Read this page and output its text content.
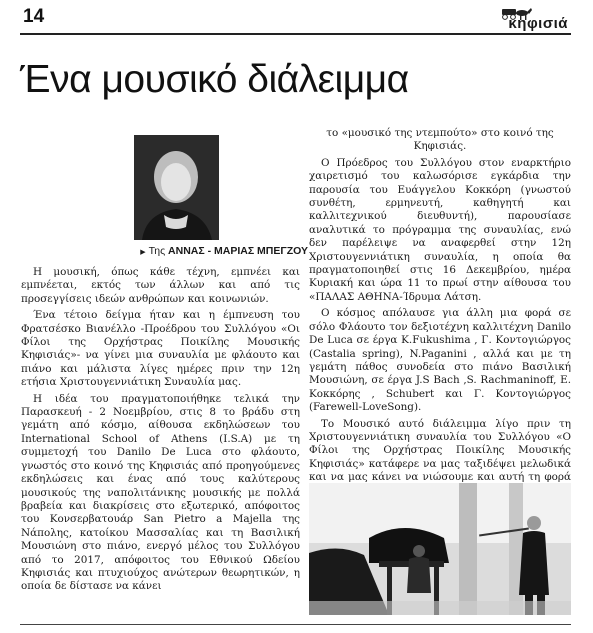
14	κηφισιά
Ένα μουσικό διάλειμμα
▶ Της ΑΝΝΑΣ - ΜΑΡΙΑΣ ΜΠΕΓΖΟΥ

Η μουσική, όπως κάθε τέχνη, εμπνέει και εμπνέεται, εκτός των άλλων και από τις προσεγγίσεις ιδεών ανθρώπων και κοινωνιών.

Ένα τέτοιο δείγμα ήταν και η έμπνευση του Φρατσέσκο Βιανέλλο -Προέδρου του Συλλόγου «Οι Φίλοι της Ορχήστρας Ποικίλης Μουσικής Κηφισιάς»- να γίνει μια συναυλία με φλάουτο και πιάνο και μάλιστα λίγες ημέρες πριν την 12η ετήσια Χριστουγεννιάτικη Συναυλία μας.

Η ιδέα του πραγματοποιήθηκε τελικά την Παρασκευή - 2 Νοεμβρίου, στις 8 το βράδυ στη γεμάτη από κόσμο, αίθουσα εκδηλώσεων του International School of Athens (I.S.A) με τη συμμετοχή του Danilo De Luca στο φλάουτο, γνωστός στο κοινό της Κηφισιάς από προηγούμενες εκδηλώσεις και ένας από τους καλύτερους μουσικούς της ναπολιτάνικης μουσικής με πολλά βραβεία και διακρίσεις στο εξωτερικό, απόφοιτος του Κονσερβατουάρ San Pietro a Majella της Νάπολης, κατοίκου Μασσαλίας και τη Βασιλική Μουσιώνη στο πιάνο, ενεργό μέλος του Συλλόγου από το 2017, απόφοιτος του Εθνικού Ωδείου Κηφισιάς και πτυχιούχος ανώτερων θεωρητικών, η οποία δε δίστασε να κάνει

το «μουσικό της ντεμπούτο» στο κοινό της Κηφισιάς.

Ο Πρόεδρος του Συλλόγου στον εναρκτήριο χαιρετισμό του καλωσόρισε εγκάρδια την παρουσία του Ευάγγελου Κοκκόρη (γνωστού συνθέτη, ερμηνευτή, καθηγητή και καλλιτεχνικού διευθυντή), παρουσίασε αναλυτικά το πρόγραμμα της συναυλίας, ενώ δεν παρέλειψε να αναφερθεί στην 12η Χριστουγεννιάτικη συναυλία, η οποία θα πραγματοποιηθεί στις 16 Δεκεμβρίου, ημέρα Κυριακή και ώρα 11 το πρωί στην αίθουσα του «ΠΑΛΑΣ ΑΘΗΝΑ-Ίδρυμα Λάτση.

Ο κόσμος απόλαυσε για άλλη μια φορά σε σόλο Φλάουτο τον δεξιοτέχνη καλλιτέχνη Danilo De Luca σε έργα K.Fukushima , Γ. Κοντογιώργος (Castalia spring), N.Paganini , αλλά και με τη γεμάτη πάθος συνοδεία στο πιάνο Βασιλική Μουσιώνη, σε έργα J.S Bach ,S. Rachmaninoff, E. Κοκκόρης , Schubert και Γ. Κοντογιώργος (Farewell-LoveSong).

Το Μουσικό αυτό διάλειμμα λίγο πριν τη Χριστουγεννιάτικη συναυλία του Συλλόγου «Ο Φίλοι της Ορχήστρας Ποικίλης Μουσικής Κηφισιάς» κατάφερε να μας ταξιδέψει μελωδικά και να μας κάνει να νιώσουμε και αυτή τη φορά
